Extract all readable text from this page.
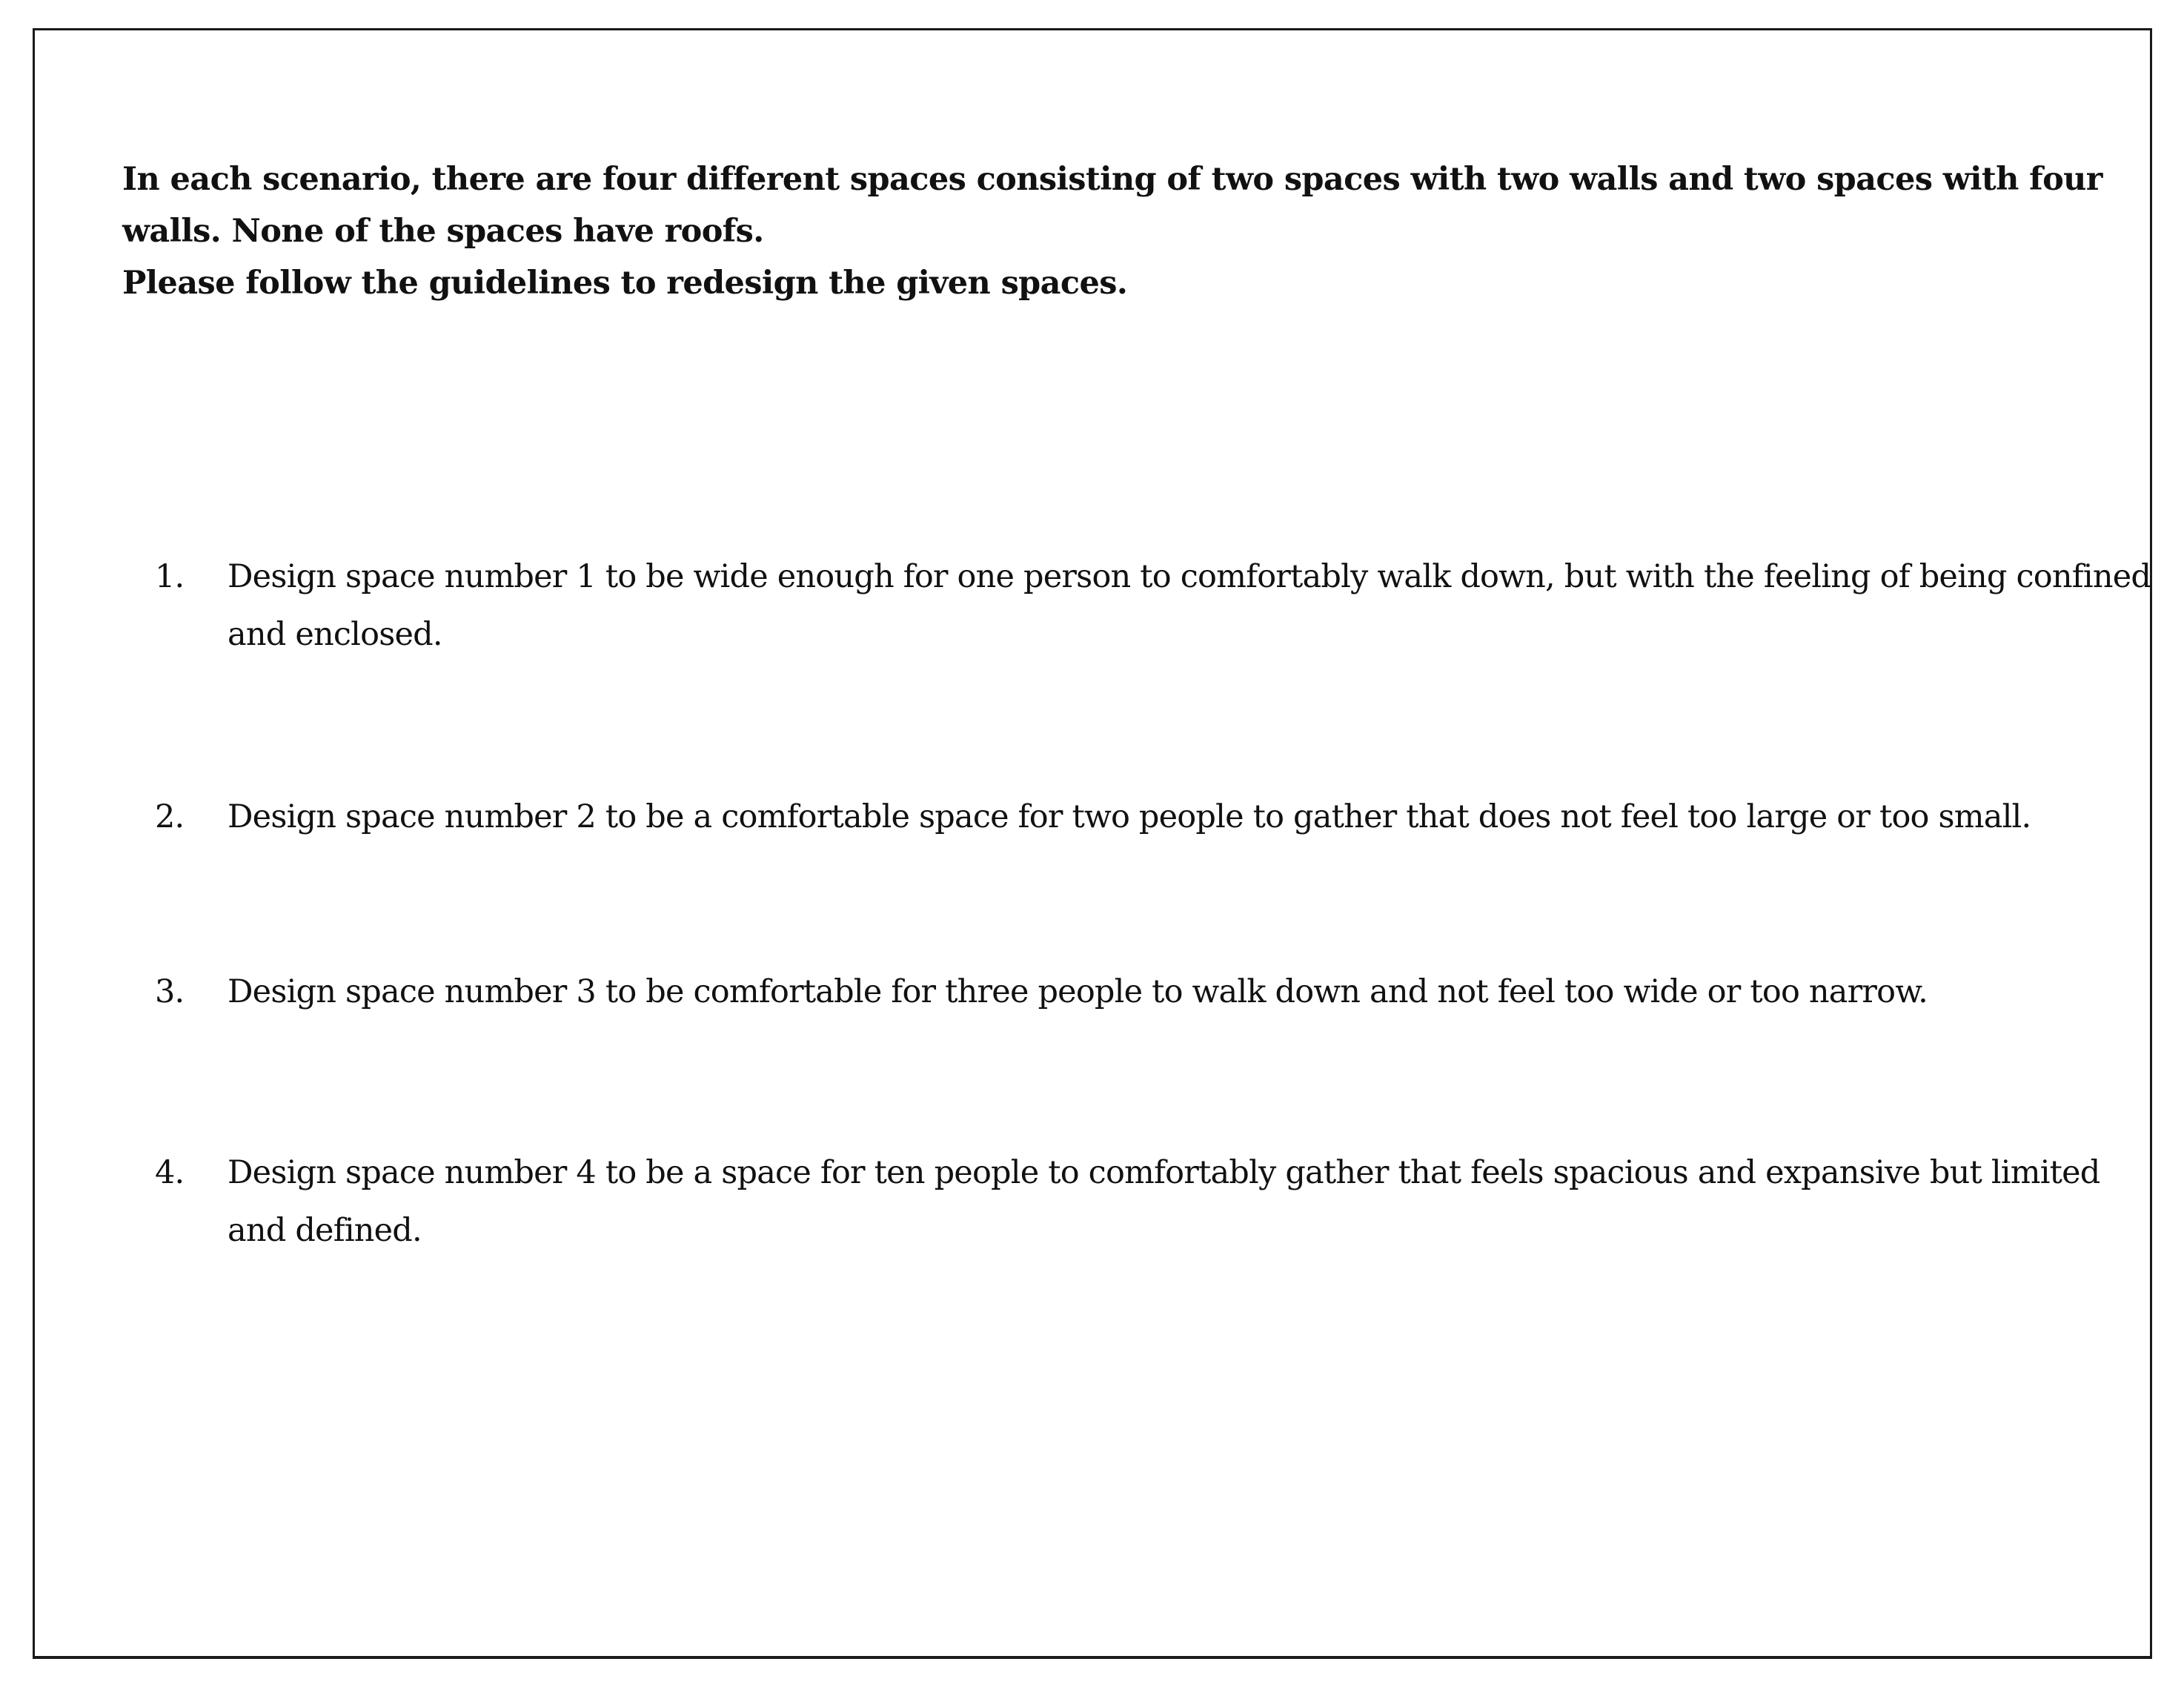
In each scenario, there are four different spaces consisting of two spaces with two walls and two spaces with four walls. None of the spaces have roofs.

Please follow the guidelines to redesign the given spaces.

1. Design space number 1 to be wide enough for one person to comfortably walk down, but with the feeling of being confined and enclosed.
2. Design space number 2 to be a comfortable space for two people to gather that does not feel too large or too small.
3. Design space number 3 to be comfortable for three people to walk down and not feel too wide or too narrow.
4. Design space number 4 to be a space for ten people to comfortably gather that feels spacious and expansive but limited and defined.
